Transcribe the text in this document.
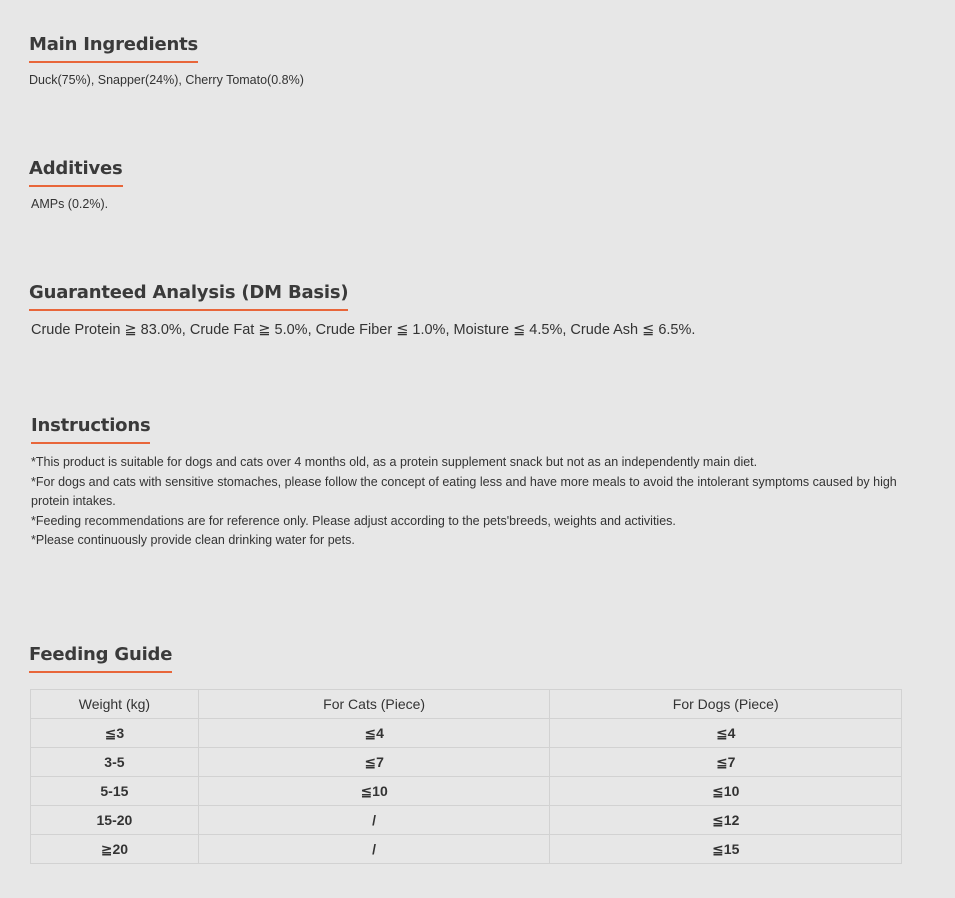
Main Ingredients
Duck(75%), Snapper(24%), Cherry Tomato(0.8%)
Additives
AMPs (0.2%).
Guaranteed Analysis (DM Basis)
Crude Protein ≧ 83.0%, Crude Fat ≧ 5.0%, Crude Fiber ≦ 1.0%, Moisture ≦ 4.5%, Crude Ash ≦ 6.5%.
Instructions

*This product is suitable for dogs and cats over 4 months old, as a protein supplement snack but not as an independently main diet.

*For dogs and cats with sensitive stomaches, please follow the concept of eating less and have more meals to avoid the intolerant symptoms caused by high protein intakes.

*Feeding recommendations are for reference only. Please adjust according to the pets'breeds, weights and activities.

*Please continuously provide clean drinking water for pets.

Feeding Guide
Weight (kg)	For Cats (Piece)	For Dogs (Piece)
≦3	≦4	≦4
3-5	≦7	≦7
5-15	≦10	≦10
15-20	/	≦12
≧20	/	≦15
